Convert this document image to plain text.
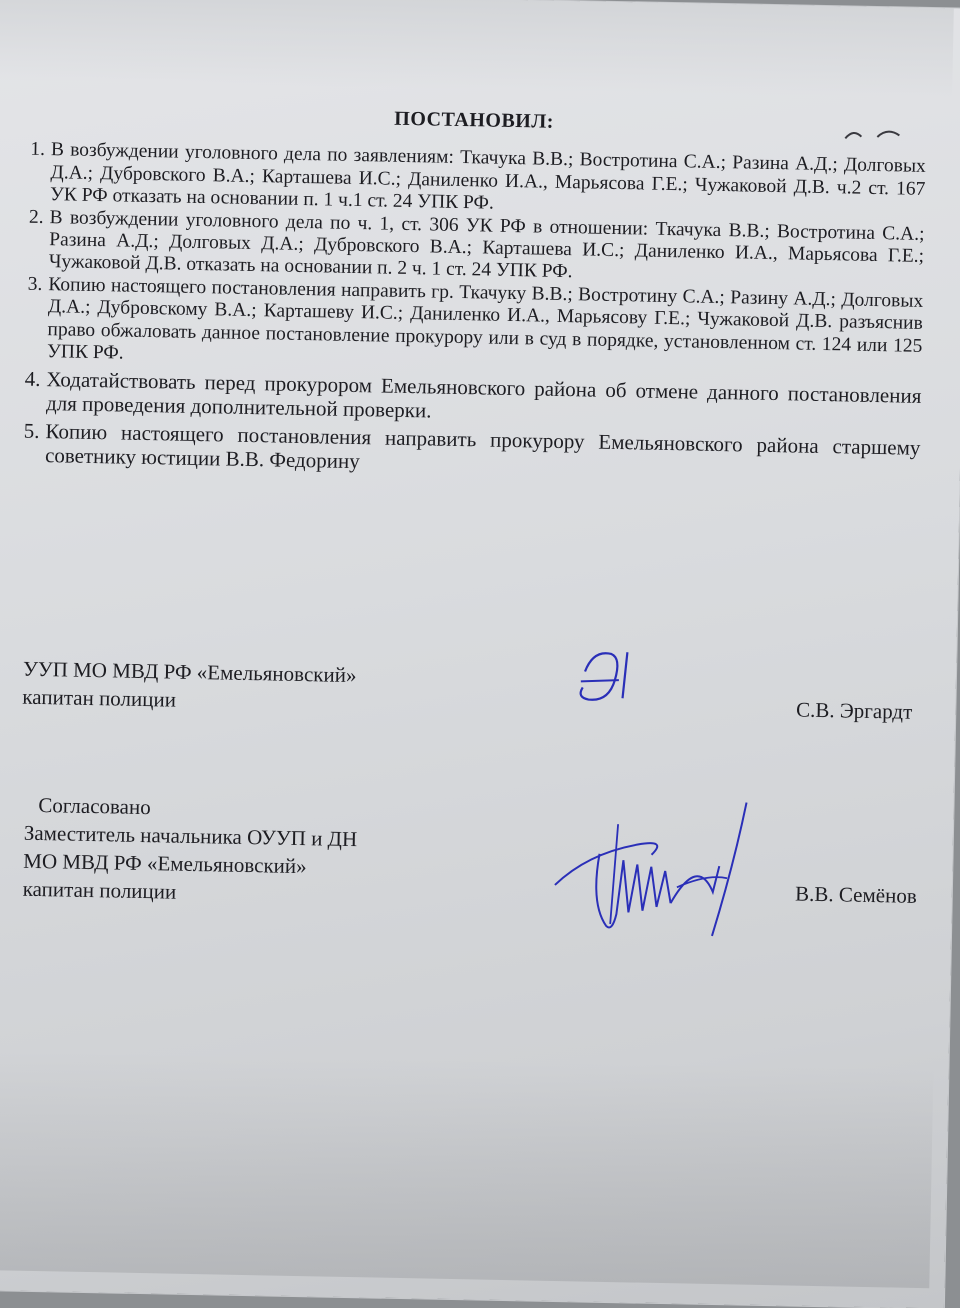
ПОСТАНОВИЛ:
1. В возбуждении уголовного дела по заявлениям: Ткачука В.В.; Востротина С.А.; Разина А.Д.; Долговых Д.А.; Дубровского В.А.; Карташева И.С.; Даниленко И.А., Марьясова Г.Е.; Чужаковой Д.В. ч.2 ст. 167 УК РФ отказать на основании п. 1 ч.1 ст. 24 УПК РФ.
2. В возбуждении уголовного дела по ч. 1, ст. 306 УК РФ в отношении: Ткачука В.В.; Востротина С.А.; Разина А.Д.; Долговых Д.А.; Дубровского В.А.; Карташева И.С.; Даниленко И.А., Марьясова Г.Е.; Чужаковой Д.В. отказать на основании п. 2 ч. 1 ст. 24 УПК РФ.
3. Копию настоящего постановления направить гр. Ткачуку В.В.; Востротину С.А.; Разину А.Д.; Долговых Д.А.; Дубровскому В.А.; Карташеву И.С.; Даниленко И.А., Марьясову Г.Е.; Чужаковой Д.В. разъяснив право обжаловать данное постановление прокурору или в суд в порядке, установленном ст. 124 или 125 УПК РФ.
4. Ходатайствовать перед прокурором Емельяновского района об отмене данного постановления для проведения дополнительной проверки.
5. Копию настоящего постановления направить прокурору Емельяновского района старшему советнику юстиции В.В. Федорину
УУП МО МВД РФ «Емельяновский»
капитан полиции	С.В. Эргардт
Согласовано
Заместитель начальника ОУУП и ДН
МО МВД РФ «Емельяновский»
капитан полиции	В.В. Семёнов
